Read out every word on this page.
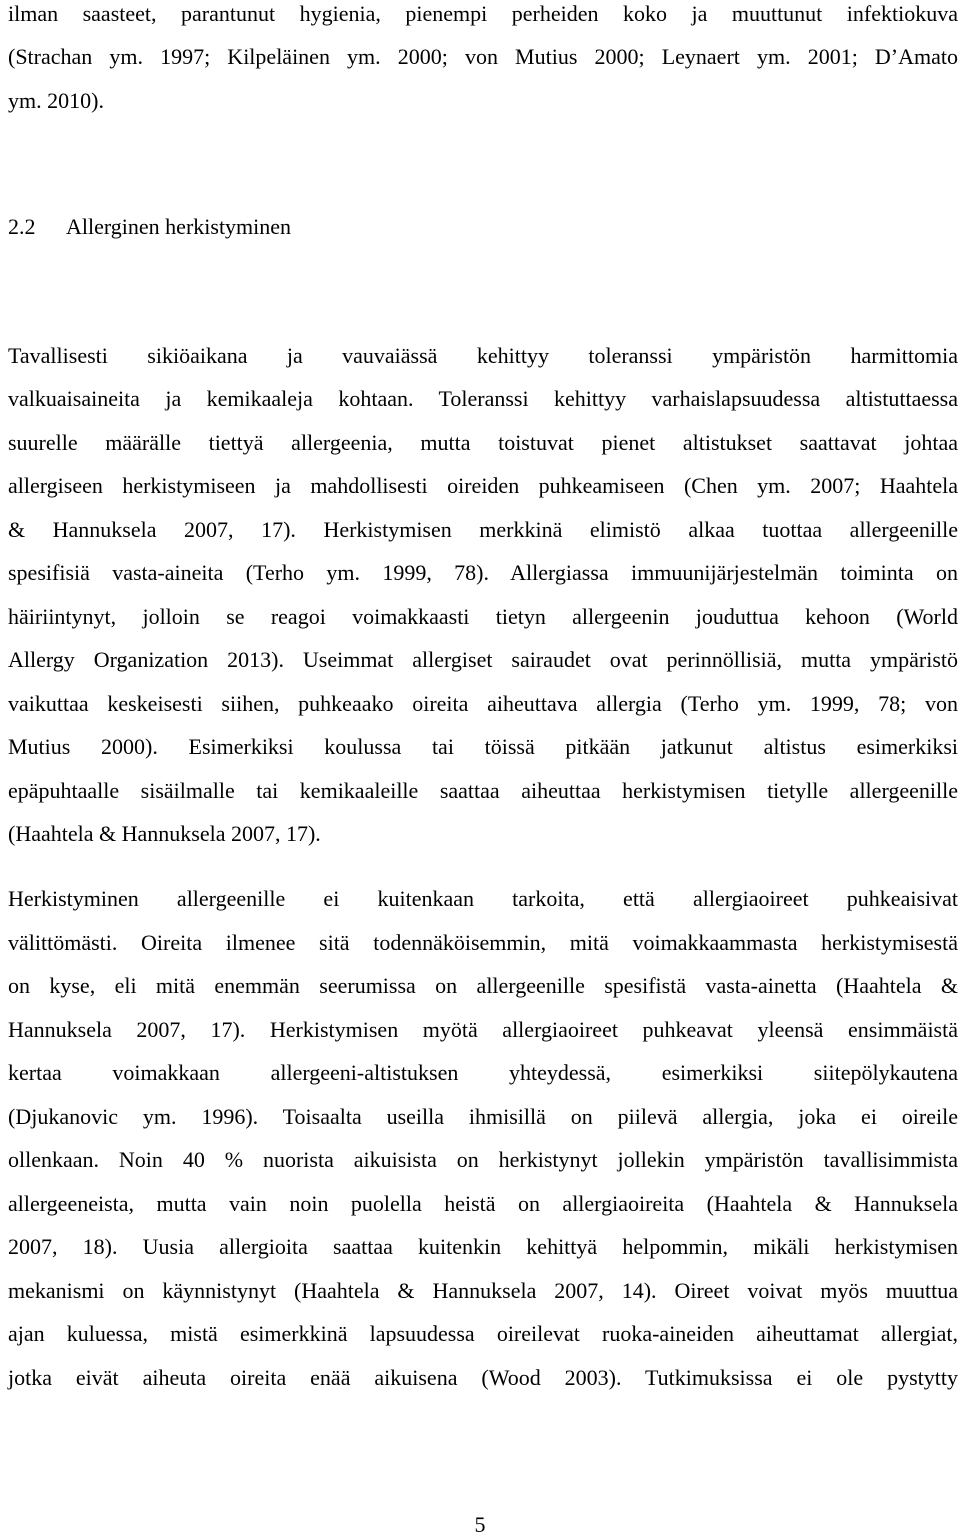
ilman saasteet, parantunut hygienia, pienempi perheiden koko ja muuttunut infektiokuva
(Strachan ym. 1997; Kilpeläinen ym. 2000; von Mutius 2000; Leynaert ym. 2001; D’Amato
ym. 2010).
2.2 Allerginen herkistyminen
Tavallisesti sikiöaikana ja vauvaiässä kehittyy toleranssi ympäristön harmittomia
valkuaisaineita ja kemikaaleja kohtaan. Toleranssi kehittyy varhaislapsuudessa altistuttaessa
suurelle määrälle tiettyä allergeenia, mutta toistuvat pienet altistukset saattavat johtaa
allergiseen herkistymiseen ja mahdollisesti oireiden puhkeamiseen (Chen ym. 2007; Haahtela
& Hannuksela 2007, 17). Herkistymisen merkkinä elimistö alkaa tuottaa allergeenille
spesifisiä vasta-aineita (Terho ym. 1999, 78). Allergiassa immuunijärjestelmän toiminta on
häiriintynyt, jolloin se reagoi voimakkaasti tietyn allergeenin jouduttua kehoon (World
Allergy Organization 2013). Useimmat allergiset sairaudet ovat perinnöllisiä, mutta ympäristö
vaikuttaa keskeisesti siihen, puhkeaako oireita aiheuttava allergia (Terho ym. 1999, 78; von
Mutius 2000). Esimerkiksi koulussa tai töissä pitkään jatkunut altistus esimerkiksi
epäpuhtaalle sisäilmalle tai kemikaaleille saattaa aiheuttaa herkistymisen tietylle allergeenille
(Haahtela & Hannuksela 2007, 17).
Herkistyminen allergeenille ei kuitenkaan tarkoita, että allergiaoireet puhkeaisivat
välittömästi. Oireita ilmenee sitä todennäköisemmin, mitä voimakkaammasta herkistymisestä
on kyse, eli mitä enemmän seerumissa on allergeenille spesifistä vasta-ainetta (Haahtela &
Hannuksela 2007, 17). Herkistymisen myötä allergiaoireet puhkeavat yleensä ensimmäistä
kertaa voimakkaan allergeeni-altistuksen yhteydessä, esimerkiksi siitepölykautena
(Djukanovic ym. 1996). Toisaalta useilla ihmisillä on piilevä allergia, joka ei oireile
ollenkaan. Noin 40 % nuorista aikuisista on herkistynyt jollekin ympäristön tavallisimmista
allergeeneista, mutta vain noin puolella heistä on allergiaoireita (Haahtela & Hannuksela
2007, 18). Uusia allergioita saattaa kuitenkin kehittyä helpommin, mikäli herkistymisen
mekanismi on käynnistynyt (Haahtela & Hannuksela 2007, 14). Oireet voivat myös muuttua
ajan kuluessa, mistä esimerkkinä lapsuudessa oireilevat ruoka-aineiden aiheuttamat allergiat,
jotka eivät aiheuta oireita enää aikuisena (Wood 2003). Tutkimuksissa ei ole pystytty
5
